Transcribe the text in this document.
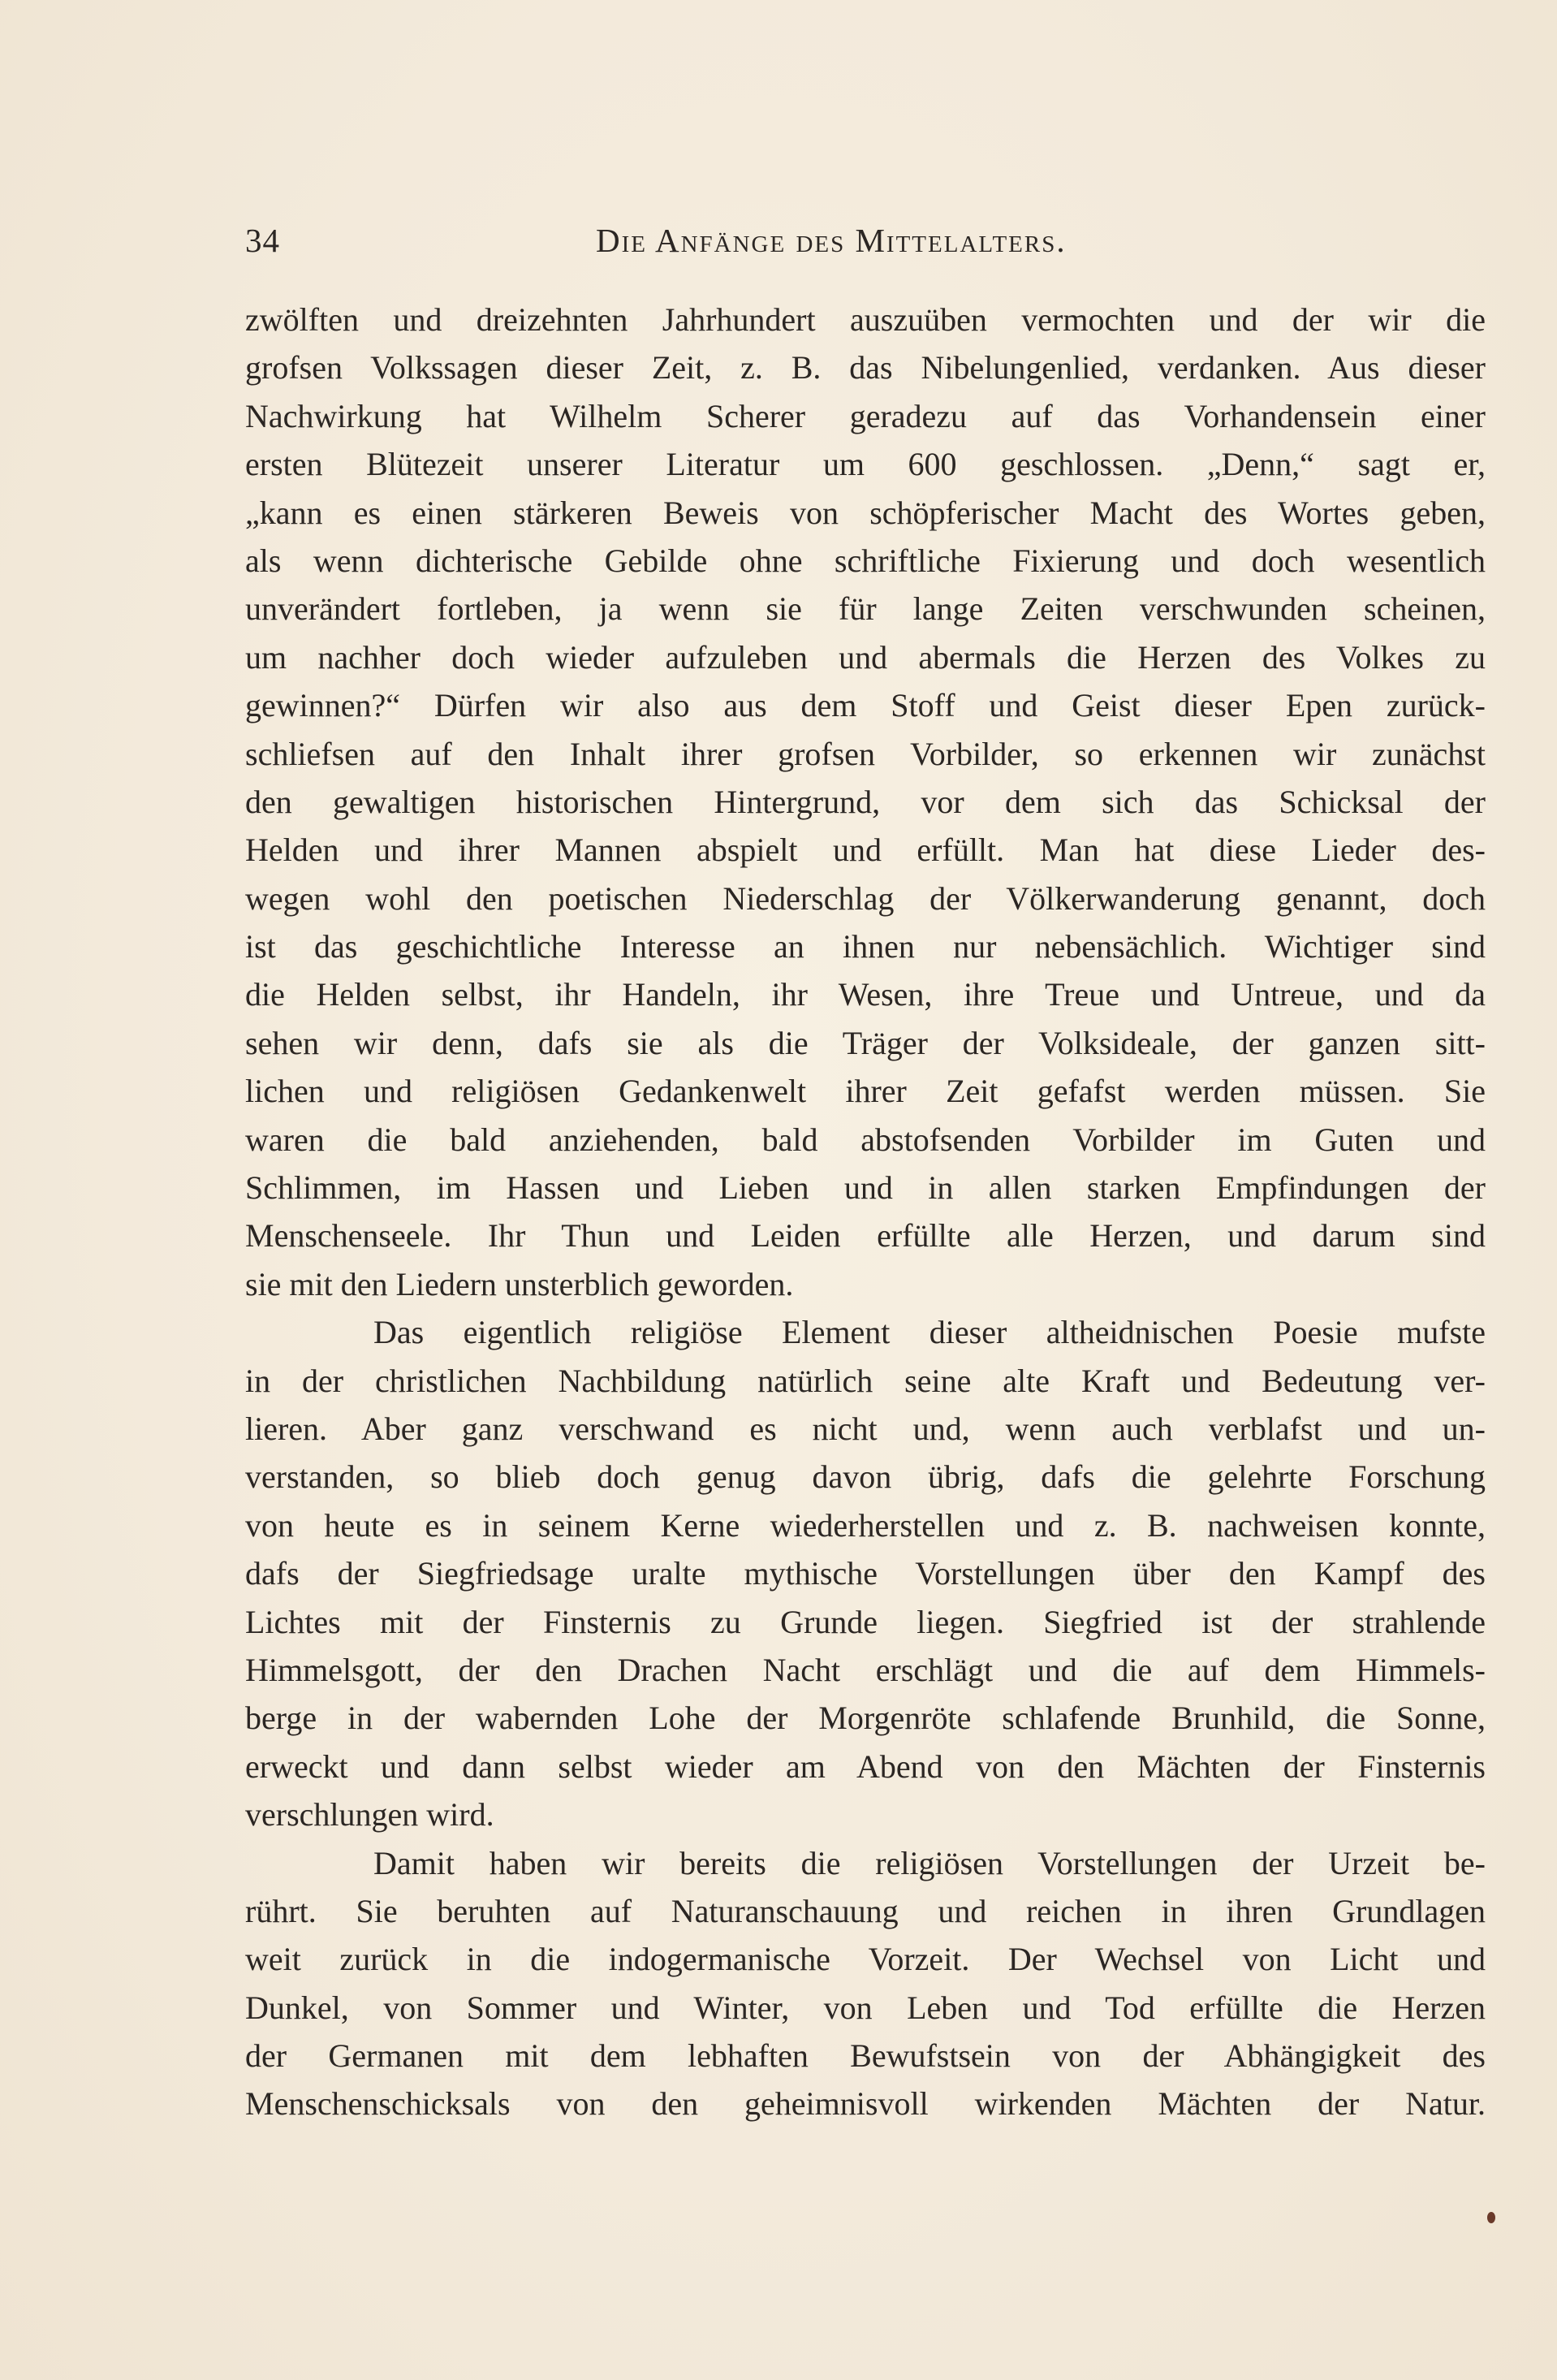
34	Die Anfänge des Mittelalters.
zwölften und dreizehnten Jahrhundert auszuüben vermochten und der wir die
grofsen Volkssagen dieser Zeit, z. B. das Nibelungenlied, verdanken. Aus dieser
Nachwirkung hat Wilhelm Scherer geradezu auf das Vorhandensein einer
ersten Blütezeit unserer Literatur um 600 geschlossen. „Denn,“ sagt er,
„kann es einen stärkeren Beweis von schöpferischer Macht des Wortes geben,
als wenn dichterische Gebilde ohne schriftliche Fixierung und doch wesentlich
unverändert fortleben, ja wenn sie für lange Zeiten verschwunden scheinen,
um nachher doch wieder aufzuleben und abermals die Herzen des Volkes zu
gewinnen?“ Dürfen wir also aus dem Stoff und Geist dieser Epen zurück-
schliefsen auf den Inhalt ihrer grofsen Vorbilder, so erkennen wir zunächst
den gewaltigen historischen Hintergrund, vor dem sich das Schicksal der
Helden und ihrer Mannen abspielt und erfüllt. Man hat diese Lieder des-
wegen wohl den poetischen Niederschlag der Völkerwanderung genannt, doch
ist das geschichtliche Interesse an ihnen nur nebensächlich. Wichtiger sind
die Helden selbst, ihr Handeln, ihr Wesen, ihre Treue und Untreue, und da
sehen wir denn, dafs sie als die Träger der Volksideale, der ganzen sitt-
lichen und religiösen Gedankenwelt ihrer Zeit gefafst werden müssen. Sie
waren die bald anziehenden, bald abstofsenden Vorbilder im Guten und
Schlimmen, im Hassen und Lieben und in allen starken Empfindungen der
Menschenseele. Ihr Thun und Leiden erfüllte alle Herzen, und darum sind
sie mit den Liedern unsterblich geworden.
Das eigentlich religiöse Element dieser altheidnischen Poesie mufste
in der christlichen Nachbildung natürlich seine alte Kraft und Bedeutung ver-
lieren. Aber ganz verschwand es nicht und, wenn auch verblafst und un-
verstanden, so blieb doch genug davon übrig, dafs die gelehrte Forschung
von heute es in seinem Kerne wiederherstellen und z. B. nachweisen konnte,
dafs der Siegfriedsage uralte mythische Vorstellungen über den Kampf des
Lichtes mit der Finsternis zu Grunde liegen. Siegfried ist der strahlende
Himmelsgott, der den Drachen Nacht erschlägt und die auf dem Himmels-
berge in der wabernden Lohe der Morgenröte schlafende Brunhild, die Sonne,
erweckt und dann selbst wieder am Abend von den Mächten der Finsternis
verschlungen wird.
Damit haben wir bereits die religiösen Vorstellungen der Urzeit be-
rührt. Sie beruhten auf Naturanschauung und reichen in ihren Grundlagen
weit zurück in die indogermanische Vorzeit. Der Wechsel von Licht und
Dunkel, von Sommer und Winter, von Leben und Tod erfüllte die Herzen
der Germanen mit dem lebhaften Bewufstsein von der Abhängigkeit des
Menschenschicksals von den geheimnisvoll wirkenden Mächten der Natur.
